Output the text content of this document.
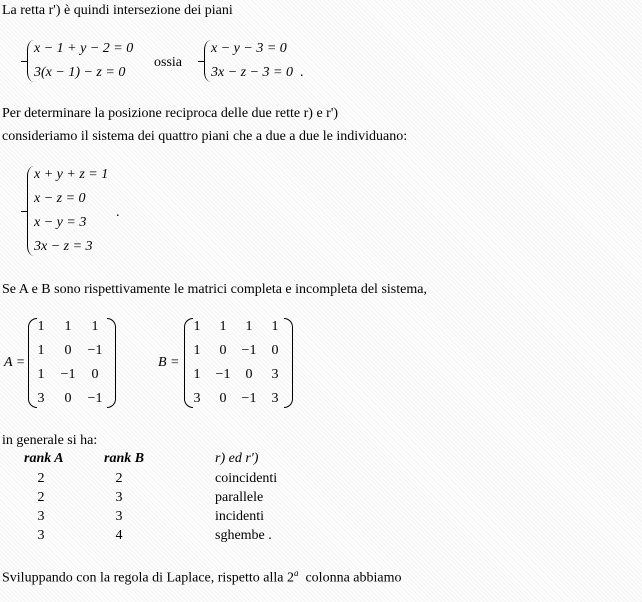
La retta r') è quindi intersezione dei piani
x − 1 + y − 2 = 0
3(x − 1) − z = 0
ossia
x − y − 3 = 0
3x − z − 3 = 0 .
Per determinare la posizione reciproca delle due rette r) e r')
consideriamo il sistema dei quattro piani che a due a due le individuano:
x + y + z = 1
x − z = 0
x − y = 3
3x − z = 3
.
Se A e B sono rispettivamente le matrici completa e incompleta del sistema,
A =
1	1	1
1	0	−1
1	−1	0
3	0	−1
B =
1	1	1	1
1	0	−1	0
1	−1	0	3
3	0	−1	3
in generale si ha:
rank A	rank B	r) ed r')
2	2	coincidenti
2	3	parallele
3	3	incidenti
3	4	sghembe .
Sviluppando con la regola di Laplace, rispetto alla 2$^a$ colonna abbiamo
